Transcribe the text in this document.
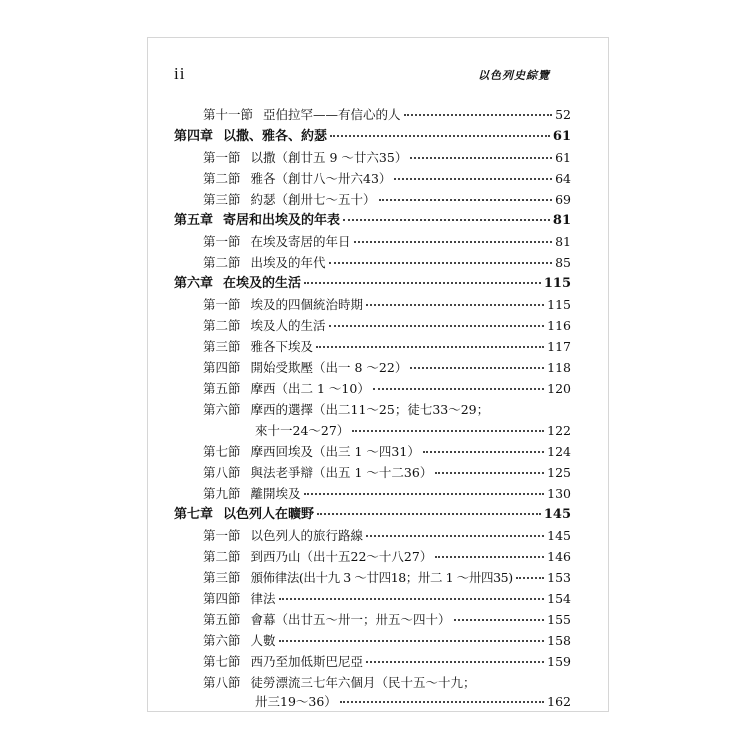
ii	以色列史綜覽
第十一節 亞伯拉罕——有信心的人	52
第四章 以撒、雅各、約瑟	61
第一節 以撒（創廿五 9 ～廿六35）	61
第二節 雅各（創廿八～卅六43）	64
第三節 約瑟（創卅七～五十）	69
第五章 寄居和出埃及的年表	81
第一節 在埃及寄居的年日	81
第二節 出埃及的年代	85
第六章 在埃及的生活	115
第一節 埃及的四個統治時期	115
第二節 埃及人的生活	116
第三節 雅各下埃及	117
第四節 開始受欺壓（出一 8 ～22）	118
第五節 摩西（出二 1 ～10）	120
第六節 摩西的選擇（出二11～25；徒七33～29；
來十一24～27）	122
第七節 摩西回埃及（出三 1 ～四31）	124
第八節 與法老爭辯（出五 1 ～十二36）	125
第九節 離開埃及	130
第七章 以色列人在曠野	145
第一節 以色列人的旅行路線	145
第二節 到西乃山（出十五22～十八27）	146
第三節 頒佈律法(出十九 3 ～廿四18；卅二 1 ～卅四35)	153
第四節 律法	154
第五節 會幕（出廿五～卅一；卅五～四十）	155
第六節 人數	158
第七節 西乃至加低斯巴尼亞	159
第八節 徒勞漂流三七年六個月（民十五～十九；
卅三19～36）	162
